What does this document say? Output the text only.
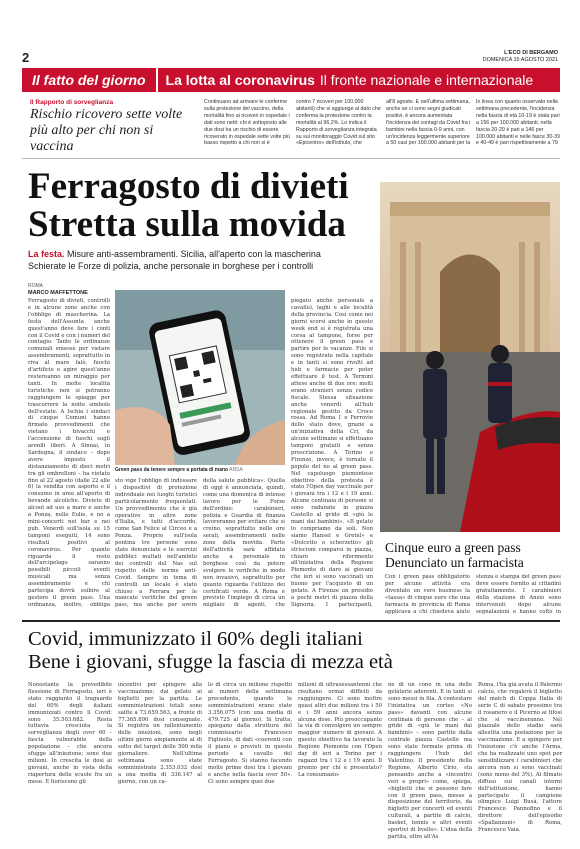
2	L'ECO DI BERGAMO
DOMENICA 15 AGOSTO 2021
Il fatto del giorno	La lotta al coronavirus Il fronte nazionale e internazionale
Il Rapporto di sorveglianza
Rischio ricovero sette volte più alto per chi non si vaccina
Continuano ad arrivare le conferme sulla protezione del vaccino, della mortalità fino ai ricoveri in ospedale i dati sono netti: chi è sottoposto alle due dosi ha un rischio di essere ricoverato in ospedale sette volte più basso rispetto a chi non si è
contro 7 ricoveri per 100.000 abitanti) che si aggiunge al dato che conferma la protezione contro la mortalità al 96,2%. Lo indica il Rapporto di sorveglianza integrata su sul monitoraggio Covid sul sito «Epicentro» dell'istituto, che
all'8 agosto. E nell'ultima settimana, anche se ci sono segni giudicati positivi, è ancora aumentata l'incidenza dei contagi da Covid fra i bambini nella fascia 0-9 anni, con un'incidenza leggermente superiore a 50 casi per 100.000 abitanti per la
In linea con quanto osservato nella settimana precedente, l'incidenza nella fascia di età 10-19 è stata pari a 156 per 100.000 abitanti, nella fascia 20-29 è pari a 146 per 100.000 abitanti e nelle fasce 30-39 e 40-49 è pari rispettivamente a 79
Ferragosto di divieti
Stretta sulla movida
La festa. Misure anti-assembramenti. Sicilia, all'aperto con la mascherina
Schierate le Forze di polizia, anche personale in borghese per i controlli
ROMA
MARCO MAFFETTONE
Ferragosto di divieti, controlli e in alcune zone anche con l'obbligo di mascherina. La festa dell'Assunta anche quest'anno deve fare i conti con il Covid e con i numeri del contagio. Tante le ordinanze comunali emesse per vietare assembramenti, soprattutto in riva al mare falò, fuochi d'artificio e agire quest'anno restereanno un miraggio per tanti. In molte località turistiche non si potranno raggiungere le spiagge per trascorrere la notte simbolo dell'estate. A Ischia i sindaci di cinque Comuni hanno firmato provvedimenti che vietano i bivacchi e l'accensione di fuochi sugli arenili liberi. A Sinnai, in Sardegna, il sindaco – dopo avere imposto il distanziamento di dieci metri tra gli ombrelloni – ha vietato fino al 22 agosto (dalle 22 alle 6) la vendita con asporto e il consumo in aree all'aperto di bevande alcoliche. Divieto di alcool ad uso a mare e anche a Ponza, nelle Eolie, e no a mini-concerti nei bar e nei pub. Venerdì sull'isola su 15 tamponi eseguiti, 14 sono risultati positivi al coronavirus. Per quanto riguarda il resto dell'arcipelago saranno possibili piccoli eventi musicali ma senza assembramento e chi partecipa dovrà esibire al gestore il green pass. Una ordinanza, inoltre, obbliga
Green pass da tenere sempre a portata di mano ANSA
sto vige l'obbligo di indossare i dispositivi di protezione individuale nei luoghi turistici particolarmente frequentati. Un provvedimento che è già operativo in altre zone d'Italia, e tutti d'accordo, come San Felice al Circeo e a Ponza. Proprio sull'isola pontina tre persone sono state denunciate e le esercizi pubblici multati nell'ambito dei controlli del Nas sul rispetto delle norme anti-Covid. Sempre in tema di controlli un locale è stato chiuso a Ferrara per le mancate verifiche del green pass, ma anche per avere
della salute pubblica». Quella di oggi è annunciata, quindi, come una domenica di intenso lavoro per le Forze dell'ordine: carabinieri, polizia e Guardia di finanza lavoreranno per evitare che si creino, soprattutto nelle ore serali, assembramenti nelle zone della movida. Parte dell'attività sarà affidata anche a personale in borghese così da potere svolgere le verifiche in modo non invasivo, soprattutto per quanto riguarda l'utilizzo dei certificati verde. A Roma è previsto l'impiego di circa un migliaio di agenti, che
piegato anche personale a cavallo), laghi e alle località della provincia. Così come nei giorni scorsi anche in questo week end si è registrata una corsa al tampone, forse per ottenere il green pass e partire per le vacanze. File si sono registrate nella capitale e in tanti si sono rivolti ad hub e farmacie per poter effettuare il test. A Termini attese anche di due ore: molti erano stranieri senza codice fiscale. Stessa situazione anche venerdì all'hub regionale gestito da Croce rossa. Ad Roma 1 e Ferrovie dello stato dove, grazie a un'iniziativa della Cri, da alcune settimane si effettuano tamponi gratuiti e senza prescrizione. A Torino e Firenze, invece, è tornato il popolo del no al green pass. Nel capoluogo piemontese obiettivo della protesta è stato l'Open day vaccinale per i giovani tra i 12 e i 19 anni. Alcune centinaia di persone si sono radunate in piazza Castello al grido di «giù le mani dai bambini». «Il gelato lo compriamo da soli. Non siamo Hansel e Gretel» e «Dolcetto o scherzetto» gli striscioni comparsi in piazza, chiaro riferimento all'iniziativa della Regione Piemonte di dare ai giovani che ieri si sono vaccinati un buono per l'acquisto di un gelato. A Firenze un presidio a pochi metri di piazza della Signoria. I partecipanti,
Cinque euro a green pass Denunciato un farmacista
Con i green pass obbligatorio per alcune attività era diventato un vero business la «tassa» di cinque euro che una farmacia in provincia di Roma applicava a chi chiedeva aiuto
stenza e stampa del green pass deve essere fornito ai cittadini gratuitamente. I carabinieri della stazione di Anzio sono intervenuti dopo alcune segnalazioni e hanno colto in
Covid, immunizzato il 60% degli italiani
Bene i giovani, sfugge la fascia di mezza età
Nonostante la prevedibile flessione di Ferragosto, ieri è stato raggiunto il traguardo del 60% degli italiani immunizzati contro il Covid: sono 35.503.682. Resta tuttavia cresciuta la sorveglianza degli over 60 – fascia vulnerabile della popolazione – che ancora sfugge all'iniezione: sono due milioni. In crescita le dosi ai giovani, anche in vista della riapertura delle scuole fra un mese. E fioriscono gli
incentivi per spingere alla vaccinazione: dai gelato ai biglietti per la partita. Le somministrazioni totali sono salite a 73.659.563, a fronte di 77.365.890 dosi consegnate. Si registra un rallentamento delle iniezioni, sono negli ultimi giorni ampiamente al di sotto del target delle 500 mila giornaliere. Nell'ultima settimana sono state somministrate 2.353.032 dosi a una media di 336.147 al giorno, con un ca-
lo di circa un milione rispetto ai numeri della settimana precedente, quando le somministrazioni erano state 3.356.075 (con una media di 479.725 al giorno). Si tratta, spiegano dalla struttura del commissario Francesco Figliuolo, di dati «coerenti con il piano e previsti in questo periodo a cavallo del Ferragosto. Si stanno facendo molte prime dosi tra i giovani e anche nella fascia over 50». Ci sono sempre quei due
milioni di ultrasessantenni che risultano ormai difficili da raggiungere. Ci sono inoltre quasi altri due milioni tra i 50 e i 59 anni ancora senza alcuna dose. Più preoccupante la via di convolgere un sempre maggior numero di giovani. A questo obiettivo ha lavorato la Regione Piemonte con l'Open day di ieri a Torino per i ragazzi tra i 12 e i 19 anni. Il premio per chi è presentato? La consumazio-
ne di un cono in una delle gelaterie aderenti. E in tanti si sono messi in fila. A contestare l'iniziativa un corteo «No pass» davanti con alcune centinaia di persone che – al grido di «giù le mani dai bambini» – sono partite dalla centrale piazza Castello ma sono state fermate prima di raggiungere l'hub del Valentino. Il presidente della Regione, Alberto Cirio, sta pensando anche a «incentivi veri e propri» come, spiega, «biglietti che si possono fare con il green pass, messe a disposizione del territorio, da biglietti per concerti ed eventi culturali, a partite di calcio, basket, tennis e altri eventi sportivi di livello». L'idea della partita, oltre all'As
Roma, l'ha già avuta il Palermo calcio, che regalerà il biglietto del match di Coppa Italia di serie C di sabato prossimo tra il rosanero e il Picerno ai tifosi che si vaccineranno. Nel piazzale dello stadio sarà allestita una postazione per la vaccinazione. E a spingere per l'iniezione c'è anche l'Arma, che ha realizzato uno spot per sensibilizzare i carabinieri che ancora non si sono vaccinati (sono meno del 3%). Al filmato diffuso sui canali interni dell'istituzione, hanno partecipato il campione olimpico Luigi Busà, l'attore Francesco Pannofino e il direttore dell'episodio «Spallanzani» di Roma, Francesco Vaia.
